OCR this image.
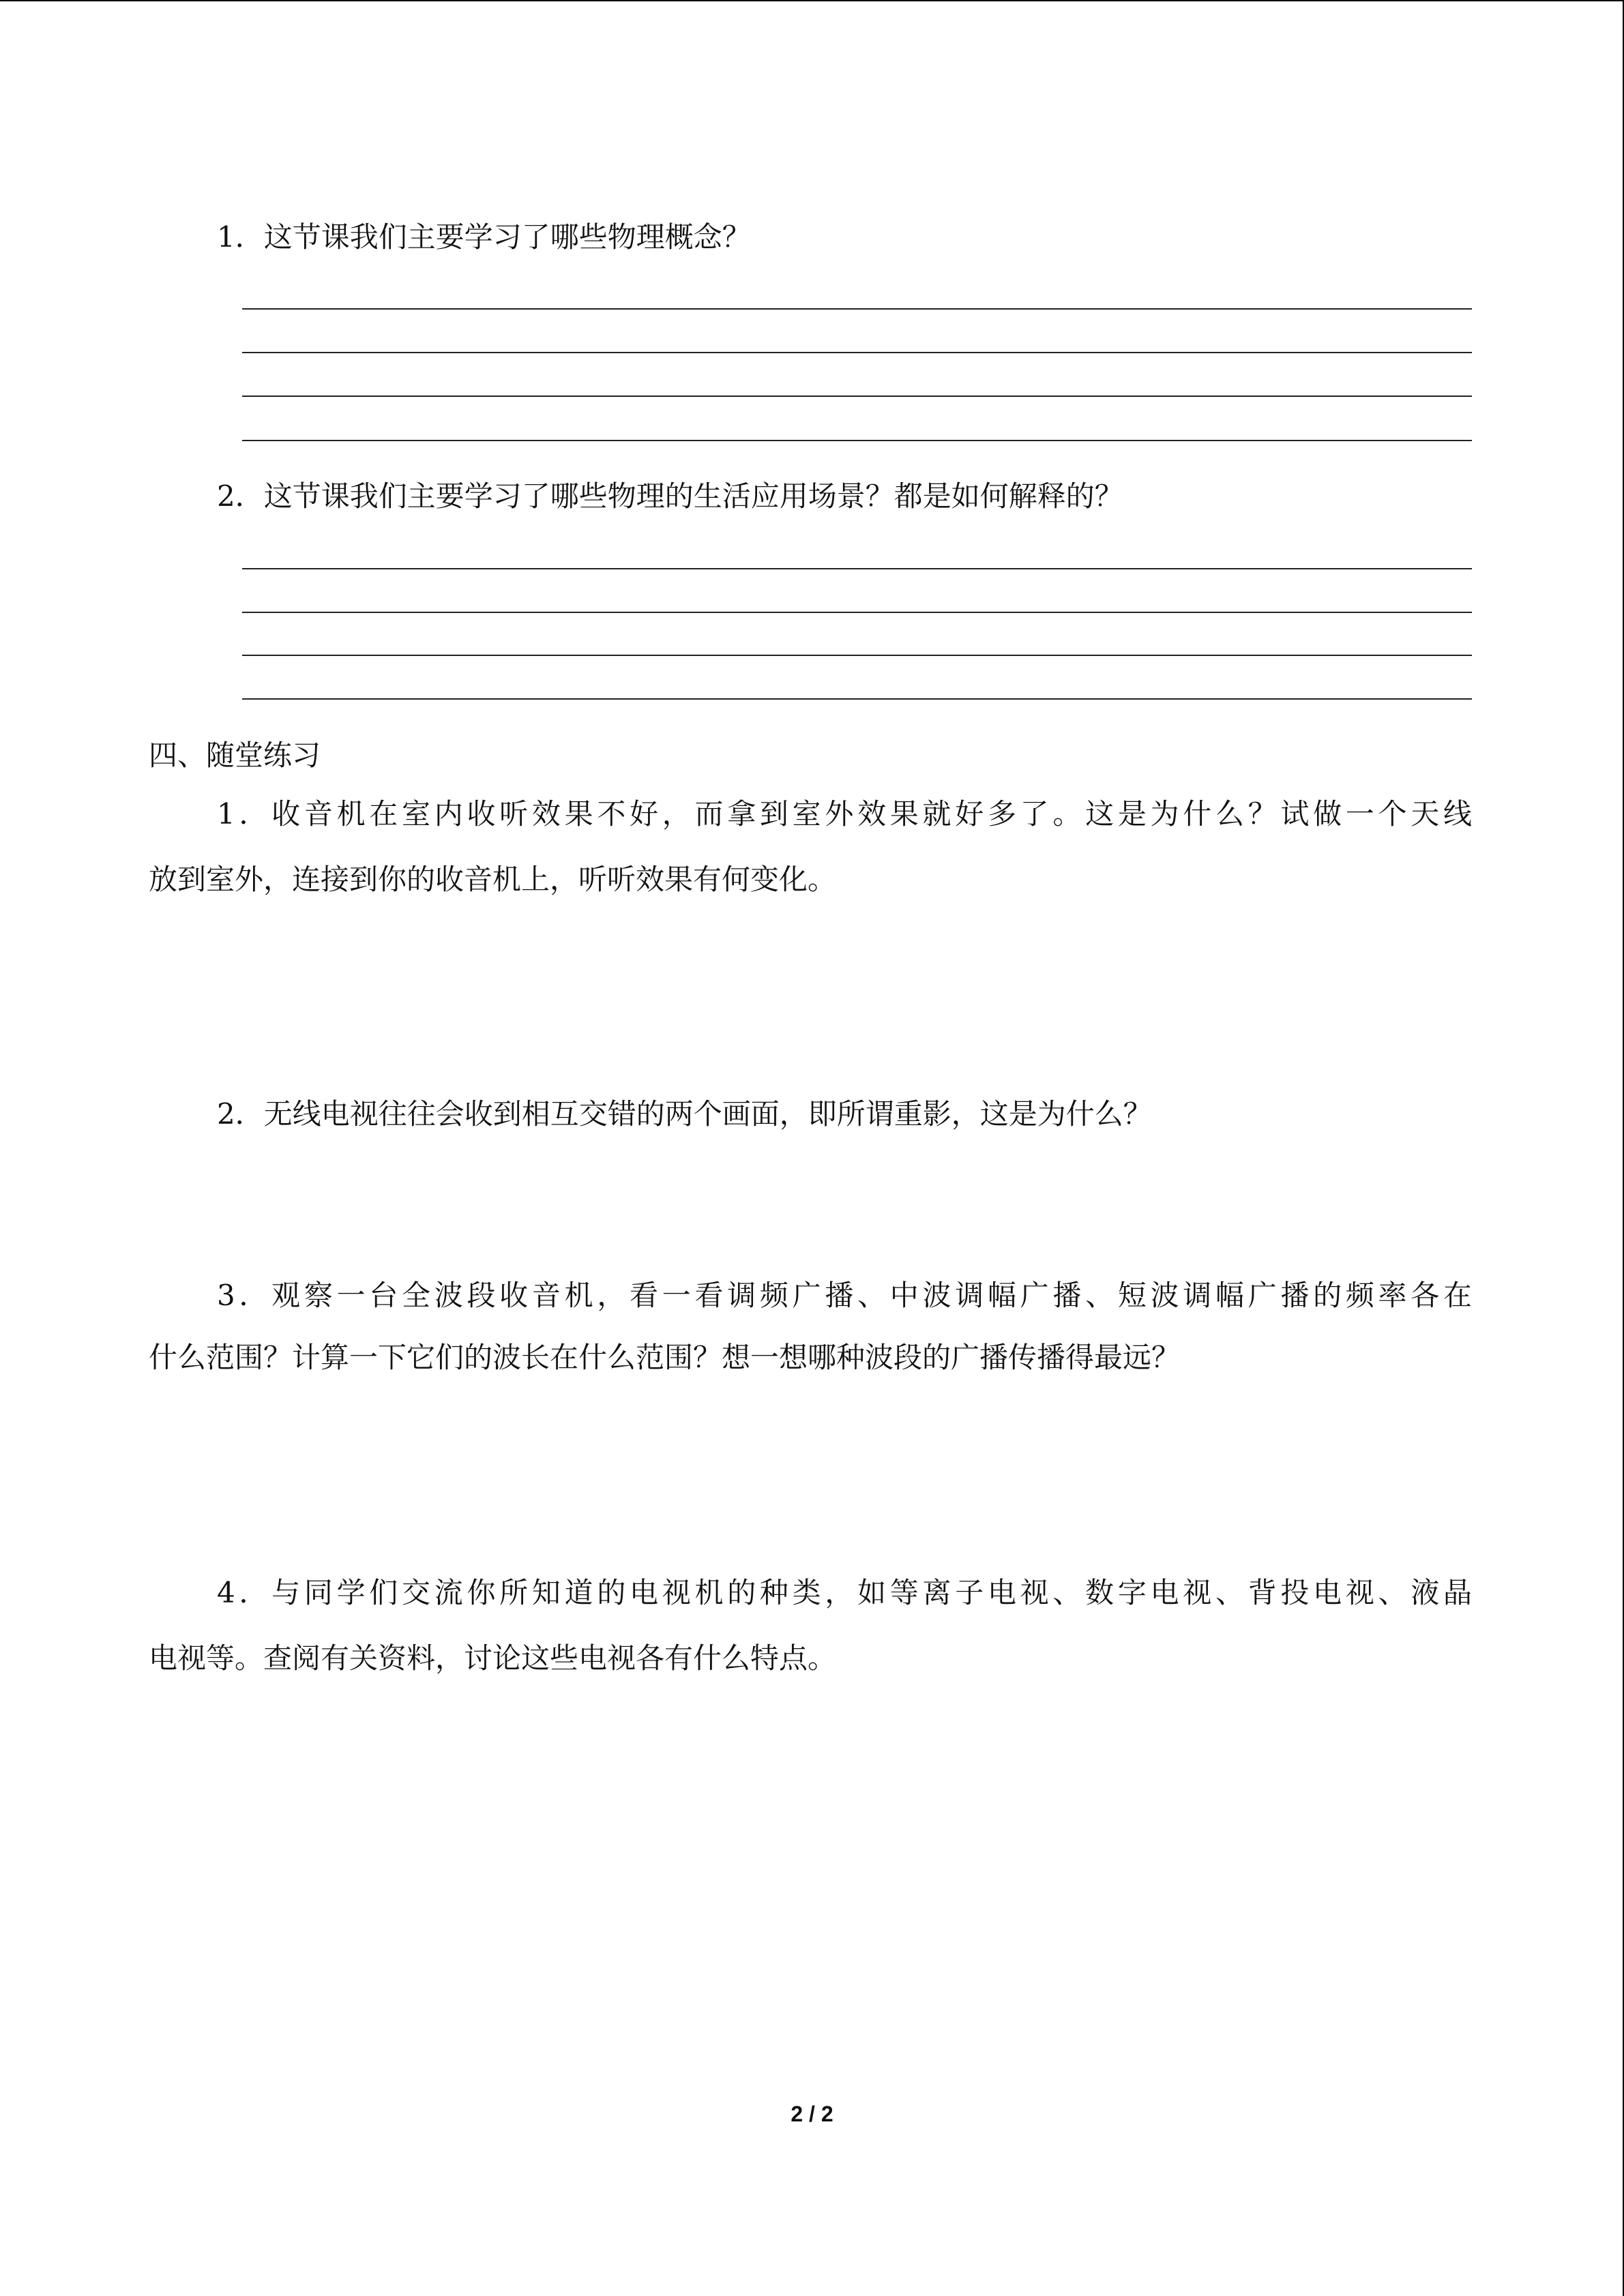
1．这节课我们主要学习了哪些物理概念？
2．这节课我们主要学习了哪些物理的生活应用场景？都是如何解释的？
四、随堂练习
1．收音机在室内收听效果不好，而拿到室外效果就好多了。这是为什么？试做一个天线
放到室外，连接到你的收音机上，听听效果有何变化。
2．无线电视往往会收到相互交错的两个画面，即所谓重影，这是为什么？
3．观察一台全波段收音机，看一看调频广播、中波调幅广播、短波调幅广播的频率各在
什么范围？计算一下它们的波长在什么范围？想一想哪种波段的广播传播得最远？
4．与同学们交流你所知道的电视机的种类，如等离子电视、数字电视、背投电视、液晶
电视等。查阅有关资料，讨论这些电视各有什么特点。
2 / 2
